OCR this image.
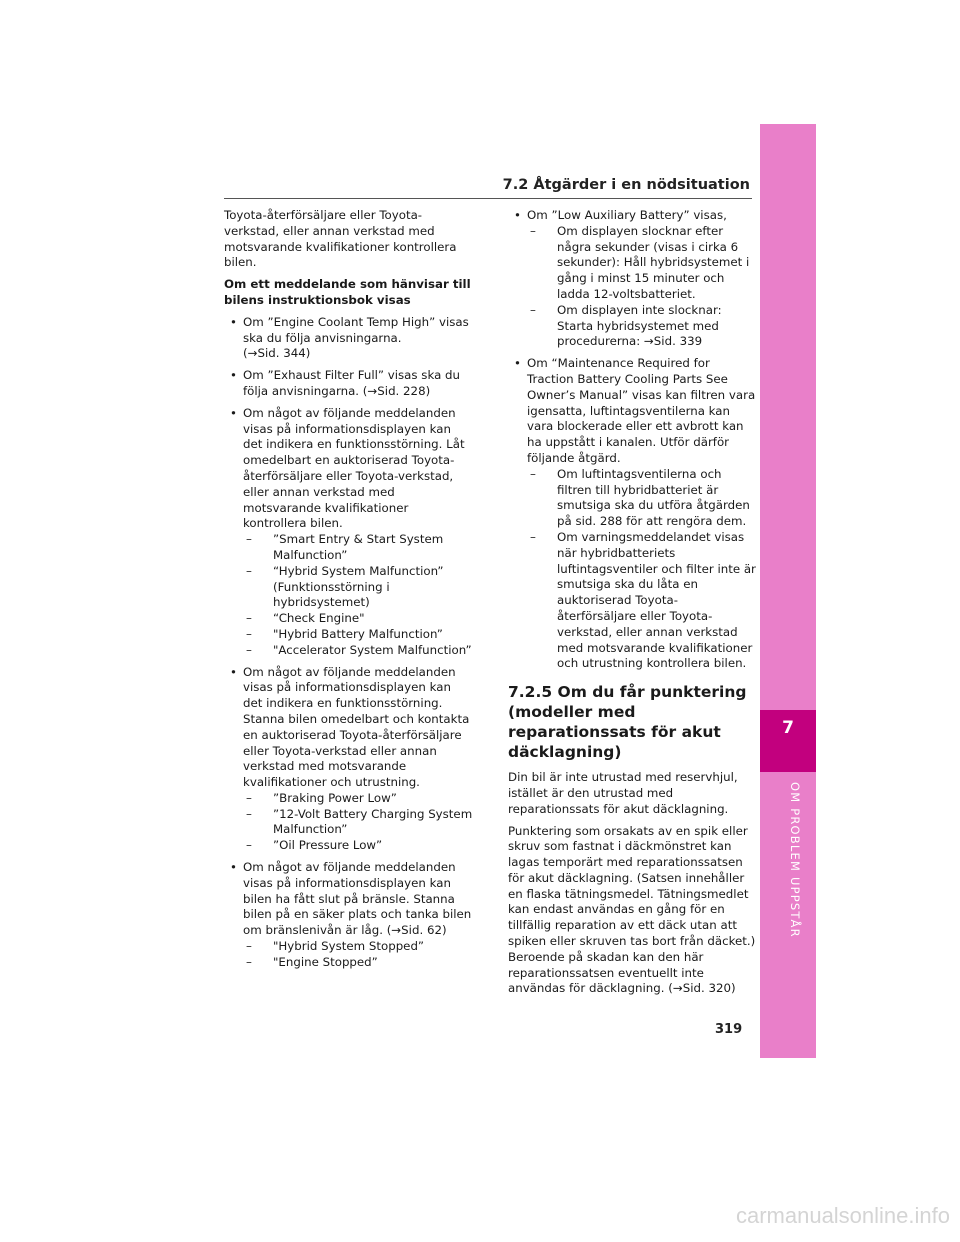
7.2 Åtgärder i en nödsituation
7
OM PROBLEM UPPSTÅR

Toyota-återförsäljare eller Toyota-verkstad, eller annan verkstad med motsvarande kvalifikationer kontrollera bilen.

Om ett meddelande som hänvisar till bilens instruktionsbok visas

• Om ”Engine Coolant Temp High” visas ska du följa anvisningarna.
(→Sid. 344)
• Om ”Exhaust Filter Full” visas ska du följa anvisningarna. (→Sid. 228)
• Om något av följande meddelanden visas på informationsdisplayen kan det indikera en funktionsstörning. Låt omedelbart en auktoriserad Toyota-återförsäljare eller Toyota-verkstad, eller annan verkstad med motsvarande kvalifikationer kontrollera bilen.
– ”Smart Entry & Start System Malfunction”
– “Hybrid System Malfunction” (Funktionsstörning i hybridsystemet)
– “Check Engine"
– "Hybrid Battery Malfunction”
– "Accelerator System Malfunction”
• Om något av följande meddelanden visas på informationsdisplayen kan det indikera en funktionsstörning. Stanna bilen omedelbart och kontakta en auktoriserad Toyota-återförsäljare eller Toyota-verkstad eller annan verkstad med motsvarande kvalifikationer och utrustning.
– ”Braking Power Low”
– ”12-Volt Battery Charging System Malfunction”
– ”Oil Pressure Low”
• Om något av följande meddelanden visas på informationsdisplayen kan bilen ha fått slut på bränsle. Stanna bilen på en säker plats och tanka bilen om bränslenivån är låg. (→Sid. 62)
– "Hybrid System Stopped”
– "Engine Stopped”
• Om ”Low Auxiliary Battery” visas,
– Om displayen slocknar efter några sekunder (visas i cirka 6 sekunder): Håll hybridsystemet i gång i minst 15 minuter och ladda 12-voltsbatteriet.
– Om displayen inte slocknar: Starta hybridsystemet med procedurerna: →Sid. 339
• Om “Maintenance Required for Traction Battery Cooling Parts See Owner’s Manual” visas kan filtren vara igensatta, luftintagsventilerna kan vara blockerade eller ett avbrott kan ha uppstått i kanalen. Utför därför följande åtgärd.
– Om luftintagsventilerna och filtren till hybridbatteriet är smutsiga ska du utföra åtgärden på sid. 288 för att rengöra dem.
– Om varningsmeddelandet visas när hybridbatteriets luftintagsventiler och filter inte är smutsiga ska du låta en auktoriserad Toyota-återförsäljare eller Toyota-verkstad, eller annan verkstad med motsvarande kvalifikationer och utrustning kontrollera bilen.
7.2.5 Om du får punktering (modeller med reparationssats för akut däcklagning)

Din bil är inte utrustad med reservhjul, istället är den utrustad med reparationssats för akut däcklagning.

Punktering som orsakats av en spik eller skruv som fastnat i däckmönstret kan lagas temporärt med reparationssatsen för akut däcklagning. (Satsen innehåller en flaska tätningsmedel. Tätningsmedlet kan endast användas en gång för en tillfällig reparation av ett däck utan att spiken eller skruven tas bort från däcket.) Beroende på skadan kan den här reparationssatsen eventuellt inte användas för däcklagning. (→Sid. 320)

319
carmanualsonline.info
